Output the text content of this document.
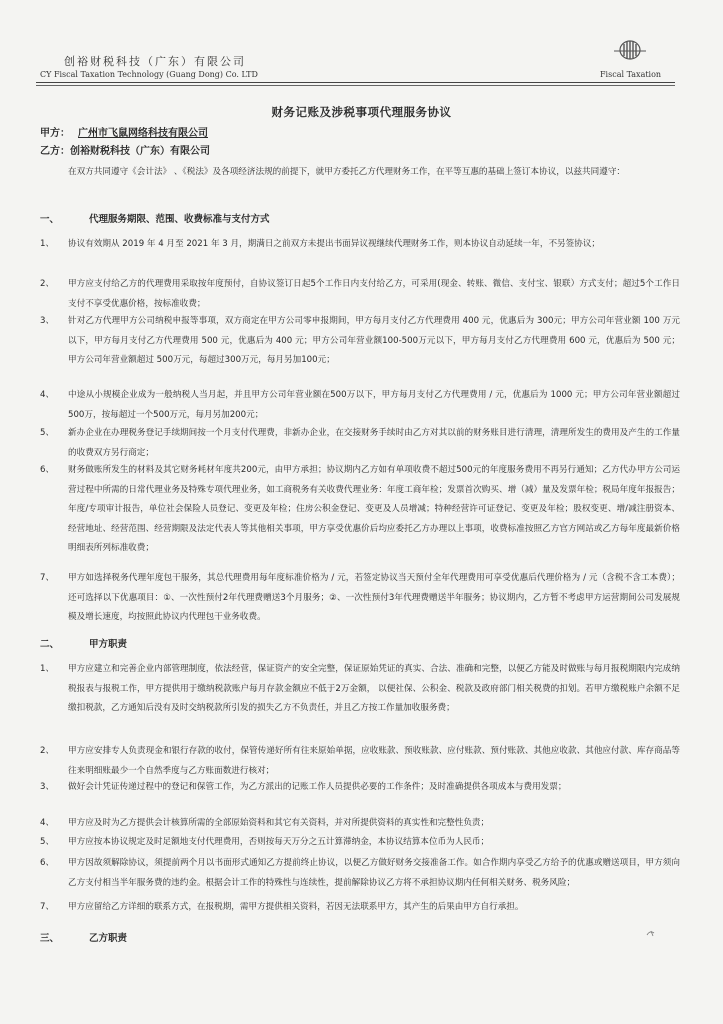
创裕财税科技（广东）有限公司
CY Fiscal Taxation Technology (Guang Dong) Co. LTD	Fiscal Taxation
财务记账及涉税事项代理服务协议
甲方： 广州市飞鼠网络科技有限公司
乙方：创裕财税科技（广东）有限公司
在双方共同遵守《会计法》 、《税法》及各项经济法规的前提下，就甲方委托乙方代理财务工作，在平等互惠的基础上签订本协议，以兹共同遵守：
一、	代理服务期限、范围、收费标准与支付方式
1、 协议有效期从 2019 年 4 月至 2021 年 3 月，期满日之前双方未提出书面异议视继续代理财务工作，则本协议自动延续一年，不另签协议；
2、 甲方应支付给乙方的代理费用采取按年度预付，自协议签订日起5个工作日内支付给乙方，可采用(现金、转账、微信、支付宝、银联）方式支付；超过5个工作日支付不享受优惠价格，按标准收费；
3、 针对乙方代理甲方公司纳税申报等事项，双方商定在甲方公司零申报期间，甲方每月支付乙方代理费用 400 元，优惠后为 300元；甲方公司年营业额 100 万元以下，甲方每月支付乙方代理费用 500 元，优惠后为 400 元；甲方公司年营业额100-500万元以下，甲方每月支付乙方代理费用 600 元，优惠后为 500 元；甲方公司年营业额超过 500万元，每超过300万元，每月另加100元；
4、 中途从小规模企业成为一般纳税人当月起，并且甲方公司年营业额在500万以下，甲方每月支付乙方代理费用 / 元，优惠后为 1000 元；甲方公司年营业额超过500万，按每超过一个500万元，每月另加200元；
5、 新办企业在办理税务登记手续期间按一个月支付代理费，非新办企业，在交接财务手续时由乙方对其以前的财务账目进行清理，清理所发生的费用及产生的工作量的收费双方另行商定；
6、 财务做账所发生的材料及其它财务耗材年度共200元，由甲方承担；协议期内乙方如有单项收费不超过500元的年度服务费用不再另行通知；乙方代办甲方公司运营过程中所需的日常代理业务及特殊专项代理业务，如工商税务有关收费代理业务：年度工商年检；发票首次购买、增（减）量及发票年检；税局年度年报报告；年度/专项审计报告，单位社会保险人员登记、变更及年检；住房公积金登记、变更及人员增减；特种经营许可证登记、变更及年检；股权变更、增/减注册资本、经营地址、经营范围、经营期限及法定代表人等其他相关事项，甲方享受优惠价后均应委托乙方办理以上事项，收费标准按照乙方官方网站或乙方每年度最新价格明细表所列标准收费；
7、 甲方如选择税务代理年度包干服务，其总代理费用每年度标准价格为 / 元，若签定协议当天预付全年代理费用可享受优惠后代理价格为 / 元（含税不含工本费）；还可选择以下优惠项目：①、一次性预付2年代理费赠送3个月服务；②、一次性预付3年代理费赠送半年服务；协议期内，乙方暂不考虑甲方运营期间公司发展规模及增长速度，均按照此协议内代理包干业务收费。
二、	甲方职责
1、 甲方应建立和完善企业内部管理制度，依法经营，保证资产的安全完整，保证原始凭证的真实、合法、准确和完整，以便乙方能及时做账与每月报税期限内完成纳税报表与报税工作，甲方提供用于缴纳税款账户每月存款金额应不低于2万金额， 以便社保、公积金、税款及政府部门相关税费的扣划。若甲方缴税账户余额不足缴扣税款，乙方通知后没有及时交纳税款所引发的损失乙方不负责任，并且乙方按工作量加收服务费；
2、 甲方应安排专人负责现金和银行存款的收付，保管传递好所有往来原始单据，应收账款、预收账款、应付账款、预付账款、其他应收款、其他应付款、库存商品等往来明细账最少一个自然季度与乙方账面数进行核对；
3、 做好会计凭证传递过程中的登记和保管工作，为乙方派出的记账工作人员提供必要的工作条件；及时准确提供各项成本与费用发票；
4、 甲方应及时为乙方提供会计核算所需的全部原始资料和其它有关资料，并对所提供资料的真实性和完整性负责；
5、 甲方应按本协议规定及时足额地支付代理费用，否则按每天万分之五计算滞纳金，本协议结算本位币为人民币；
6、 甲方因故须解除协议，须提前两个月以书面形式通知乙方提前终止协议，以便乙方做好财务交接准备工作。如合作期内享受乙方给予的优惠或赠送项目，甲方须向乙方支付相当半年服务费的违约金。根据会计工作的特殊性与连续性，提前解除协议乙方将不承担协议期内任何相关财务、税务风险；
7、 甲方应留给乙方详细的联系方式，在报税期，需甲方提供相关资料，若因无法联系甲方，其产生的后果由甲方自行承担。
三、	乙方职责
